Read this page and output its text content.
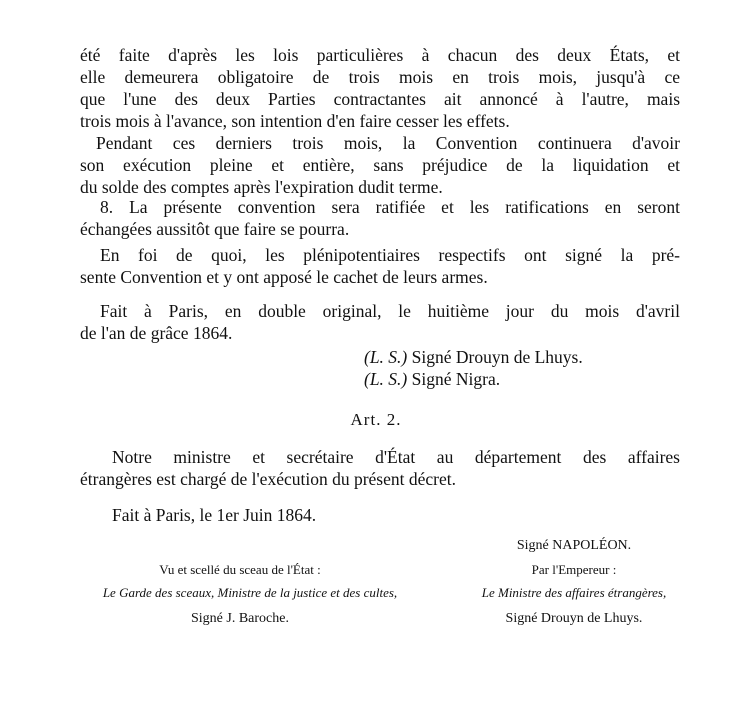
été faite d'après les lois particulières à chacun des deux États, et
elle demeurera obligatoire de trois mois en trois mois, jusqu'à ce
que l'une des deux Parties contractantes ait annoncé à l'autre, mais
trois mois à l'avance, son intention d'en faire cesser les effets.
Pendant ces derniers trois mois, la Convention continuera d'avoir
son exécution pleine et entière, sans préjudice de la liquidation et
du solde des comptes après l'expiration dudit terme.
8. La présente convention sera ratifiée et les ratifications en seront
échangées aussitôt que faire se pourra.
En foi de quoi, les plénipotentiaires respectifs ont signé la pré-
sente Convention et y ont apposé le cachet de leurs armes.
Fait à Paris, en double original, le huitième jour du mois d'avril
de l'an de grâce 1864.
(L. S.) Signé Drouyn de Lhuys.
(L. S.) Signé Nigra.
Art. 2.
Notre ministre et secrétaire d'État au département des affaires
étrangères est chargé de l'exécution du présent décret.
Fait à Paris, le 1er Juin 1864.
Signé NAPOLÉON.
Par l'Empereur :
Le Ministre des affaires étrangères,
Signé Drouyn de Lhuys.
Vu et scellé du sceau de l'État :
Le Garde des sceaux, Ministre de la justice et des cultes,
Signé J. Baroche.
